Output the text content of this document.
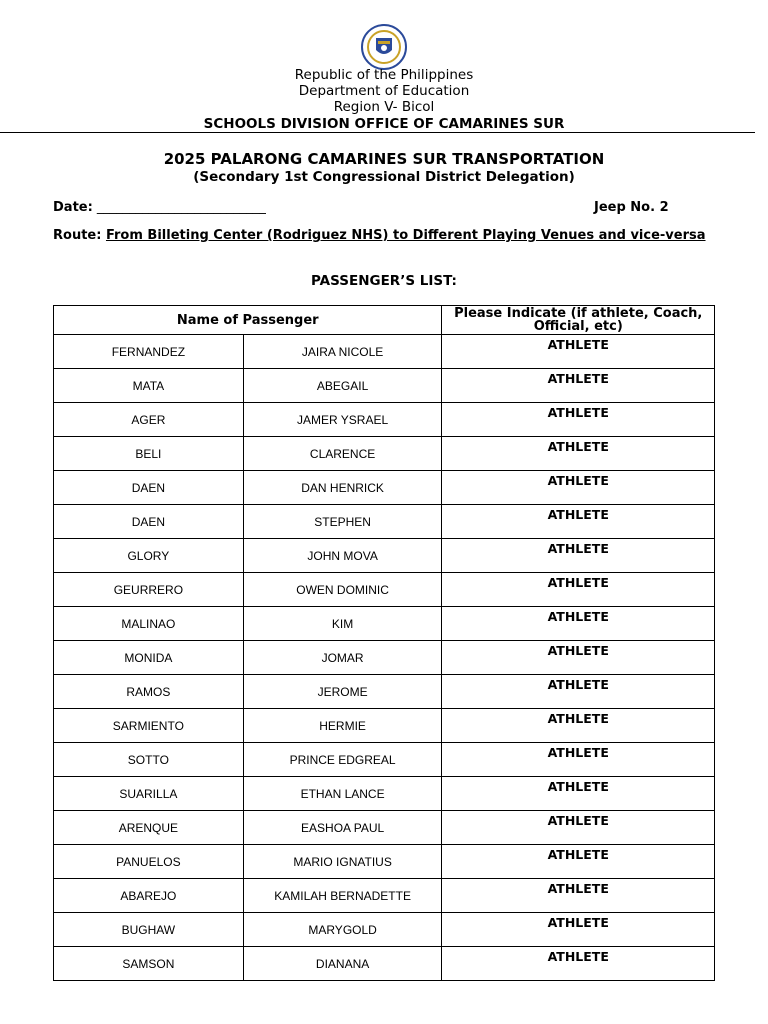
Republic of the Philippines
Department of Education
Region V- Bicol
SCHOOLS DIVISION OFFICE OF CAMARINES SUR
2025 PALARONG CAMARINES SUR TRANSPORTATION
(Secondary 1st Congressional District Delegation)
Date: __________________________	Jeep No. 2
Route: From Billeting Center (Rodriguez NHS) to Different Playing Venues and vice-versa
PASSENGER’S LIST:
Name of Passenger		Please Indicate (if athlete, Coach, Official, etc)
FERNANDEZ	JAIRA NICOLE	ATHLETE
MATA	ABEGAIL	ATHLETE
AGER	JAMER YSRAEL	ATHLETE
BELI	CLARENCE	ATHLETE
DAEN	DAN HENRICK	ATHLETE
DAEN	STEPHEN	ATHLETE
GLORY	JOHN MOVA	ATHLETE
GEURRERO	OWEN DOMINIC	ATHLETE
MALINAO	KIM	ATHLETE
MONIDA	JOMAR	ATHLETE
RAMOS	JEROME	ATHLETE
SARMIENTO	HERMIE	ATHLETE
SOTTO	PRINCE EDGREAL	ATHLETE
SUARILLA	ETHAN LANCE	ATHLETE
ARENQUE	EASHOA PAUL	ATHLETE
PANUELOS	MARIO IGNATIUS	ATHLETE
ABAREJO	KAMILAH BERNADETTE	ATHLETE
BUGHAW	MARYGOLD	ATHLETE
SAMSON	DIANANA	ATHLETE
